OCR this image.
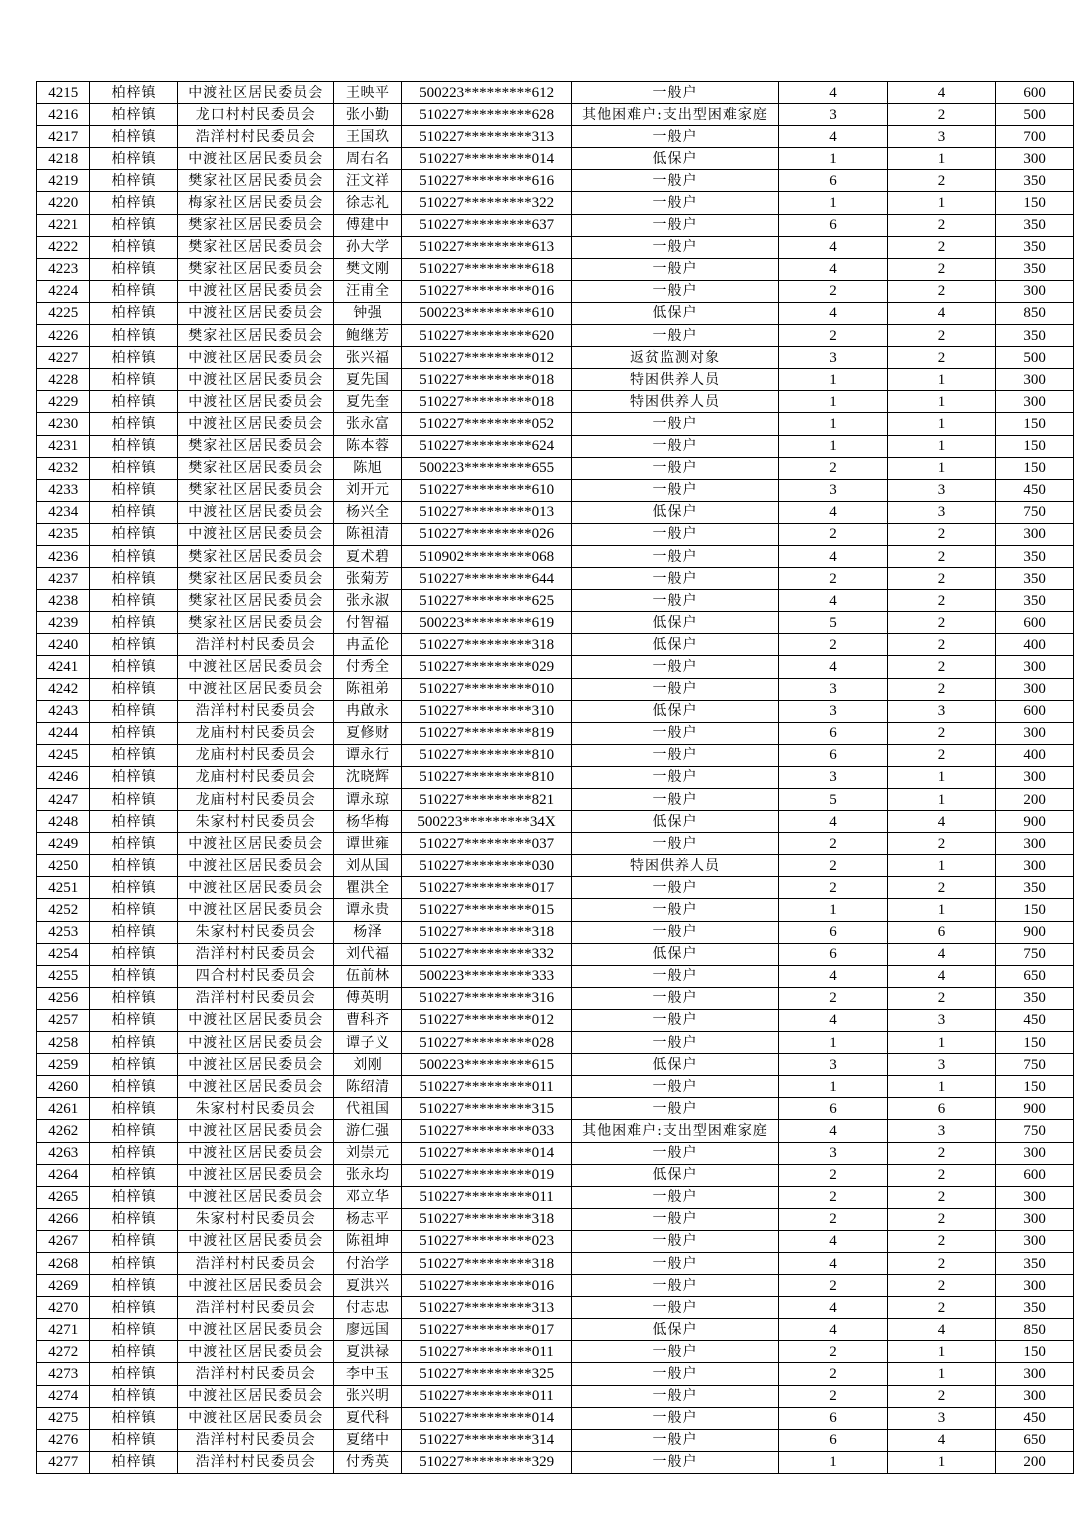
4215	柏梓镇	中渡社区居民委员会	王映平	500223*********612	一般户	4	4	600
4216	柏梓镇	龙口村村民委员会	张小勤	510227*********628	其他困难户:支出型困难家庭	3	2	500
4217	柏梓镇	浩洋村村民委员会	王国玖	510227*********313	一般户	4	3	700
4218	柏梓镇	中渡社区居民委员会	周右名	510227*********014	低保户	1	1	300
4219	柏梓镇	樊家社区居民委员会	汪文祥	510227*********616	一般户	6	2	350
4220	柏梓镇	梅家社区居民委员会	徐志礼	510227*********322	一般户	1	1	150
4221	柏梓镇	樊家社区居民委员会	傅建中	510227*********637	一般户	6	2	350
4222	柏梓镇	樊家社区居民委员会	孙大学	510227*********613	一般户	4	2	350
4223	柏梓镇	樊家社区居民委员会	樊文刚	510227*********618	一般户	4	2	350
4224	柏梓镇	中渡社区居民委员会	汪甫全	510227*********016	一般户	2	2	300
4225	柏梓镇	中渡社区居民委员会	钟强	500223*********610	低保户	4	4	850
4226	柏梓镇	樊家社区居民委员会	鲍继芳	510227*********620	一般户	2	2	350
4227	柏梓镇	中渡社区居民委员会	张兴福	510227*********012	返贫监测对象	3	2	500
4228	柏梓镇	中渡社区居民委员会	夏先国	510227*********018	特困供养人员	1	1	300
4229	柏梓镇	中渡社区居民委员会	夏先奎	510227*********018	特困供养人员	1	1	300
4230	柏梓镇	中渡社区居民委员会	张永富	510227*********052	一般户	1	1	150
4231	柏梓镇	樊家社区居民委员会	陈本蓉	510227*********624	一般户	1	1	150
4232	柏梓镇	樊家社区居民委员会	陈旭	500223*********655	一般户	2	1	150
4233	柏梓镇	樊家社区居民委员会	刘开元	510227*********610	一般户	3	3	450
4234	柏梓镇	中渡社区居民委员会	杨兴全	510227*********013	低保户	4	3	750
4235	柏梓镇	中渡社区居民委员会	陈祖清	510227*********026	一般户	2	2	300
4236	柏梓镇	樊家社区居民委员会	夏术碧	510902*********068	一般户	4	2	350
4237	柏梓镇	樊家社区居民委员会	张菊芳	510227*********644	一般户	2	2	350
4238	柏梓镇	樊家社区居民委员会	张永淑	510227*********625	一般户	4	2	350
4239	柏梓镇	樊家社区居民委员会	付智福	500223*********619	低保户	5	2	600
4240	柏梓镇	浩洋村村民委员会	冉孟伦	510227*********318	低保户	2	2	400
4241	柏梓镇	中渡社区居民委员会	付秀全	510227*********029	一般户	4	2	300
4242	柏梓镇	中渡社区居民委员会	陈祖弟	510227*********010	一般户	3	2	300
4243	柏梓镇	浩洋村村民委员会	冉啟永	510227*********310	低保户	3	3	600
4244	柏梓镇	龙庙村村民委员会	夏修财	510227*********819	一般户	6	2	300
4245	柏梓镇	龙庙村村民委员会	谭永行	510227*********810	一般户	6	2	400
4246	柏梓镇	龙庙村村民委员会	沈晓辉	510227*********810	一般户	3	1	300
4247	柏梓镇	龙庙村村民委员会	谭永琼	510227*********821	一般户	5	1	200
4248	柏梓镇	朱家村村民委员会	杨华梅	500223*********34X	低保户	4	4	900
4249	柏梓镇	中渡社区居民委员会	谭世雍	510227*********037	一般户	2	2	300
4250	柏梓镇	中渡社区居民委员会	刘从国	510227*********030	特困供养人员	2	1	300
4251	柏梓镇	中渡社区居民委员会	瞿洪全	510227*********017	一般户	2	2	350
4252	柏梓镇	中渡社区居民委员会	谭永贵	510227*********015	一般户	1	1	150
4253	柏梓镇	朱家村村民委员会	杨泽	510227*********318	一般户	6	6	900
4254	柏梓镇	浩洋村村民委员会	刘代福	510227*********332	低保户	6	4	750
4255	柏梓镇	四合村村民委员会	伍前林	500223*********333	一般户	4	4	650
4256	柏梓镇	浩洋村村民委员会	傅英明	510227*********316	一般户	2	2	350
4257	柏梓镇	中渡社区居民委员会	曹科齐	510227*********012	一般户	4	3	450
4258	柏梓镇	中渡社区居民委员会	谭子义	510227*********028	一般户	1	1	150
4259	柏梓镇	中渡社区居民委员会	刘刚	500223*********615	低保户	3	3	750
4260	柏梓镇	中渡社区居民委员会	陈绍清	510227*********011	一般户	1	1	150
4261	柏梓镇	朱家村村民委员会	代祖国	510227*********315	一般户	6	6	900
4262	柏梓镇	中渡社区居民委员会	游仁强	510227*********033	其他困难户:支出型困难家庭	4	3	750
4263	柏梓镇	中渡社区居民委员会	刘崇元	510227*********014	一般户	3	2	300
4264	柏梓镇	中渡社区居民委员会	张永均	510227*********019	低保户	2	2	600
4265	柏梓镇	中渡社区居民委员会	邓立华	510227*********011	一般户	2	2	300
4266	柏梓镇	朱家村村民委员会	杨志平	510227*********318	一般户	2	2	300
4267	柏梓镇	中渡社区居民委员会	陈祖坤	510227*********023	一般户	4	2	300
4268	柏梓镇	浩洋村村民委员会	付治学	510227*********318	一般户	4	2	350
4269	柏梓镇	中渡社区居民委员会	夏洪兴	510227*********016	一般户	2	2	300
4270	柏梓镇	浩洋村村民委员会	付志忠	510227*********313	一般户	4	2	350
4271	柏梓镇	中渡社区居民委员会	廖远国	510227*********017	低保户	4	4	850
4272	柏梓镇	中渡社区居民委员会	夏洪禄	510227*********011	一般户	2	1	150
4273	柏梓镇	浩洋村村民委员会	李中玉	510227*********325	一般户	2	1	300
4274	柏梓镇	中渡社区居民委员会	张兴明	510227*********011	一般户	2	2	300
4275	柏梓镇	中渡社区居民委员会	夏代科	510227*********014	一般户	6	3	450
4276	柏梓镇	浩洋村村民委员会	夏绪中	510227*********314	一般户	6	4	650
4277	柏梓镇	浩洋村村民委员会	付秀英	510227*********329	一般户	1	1	200
